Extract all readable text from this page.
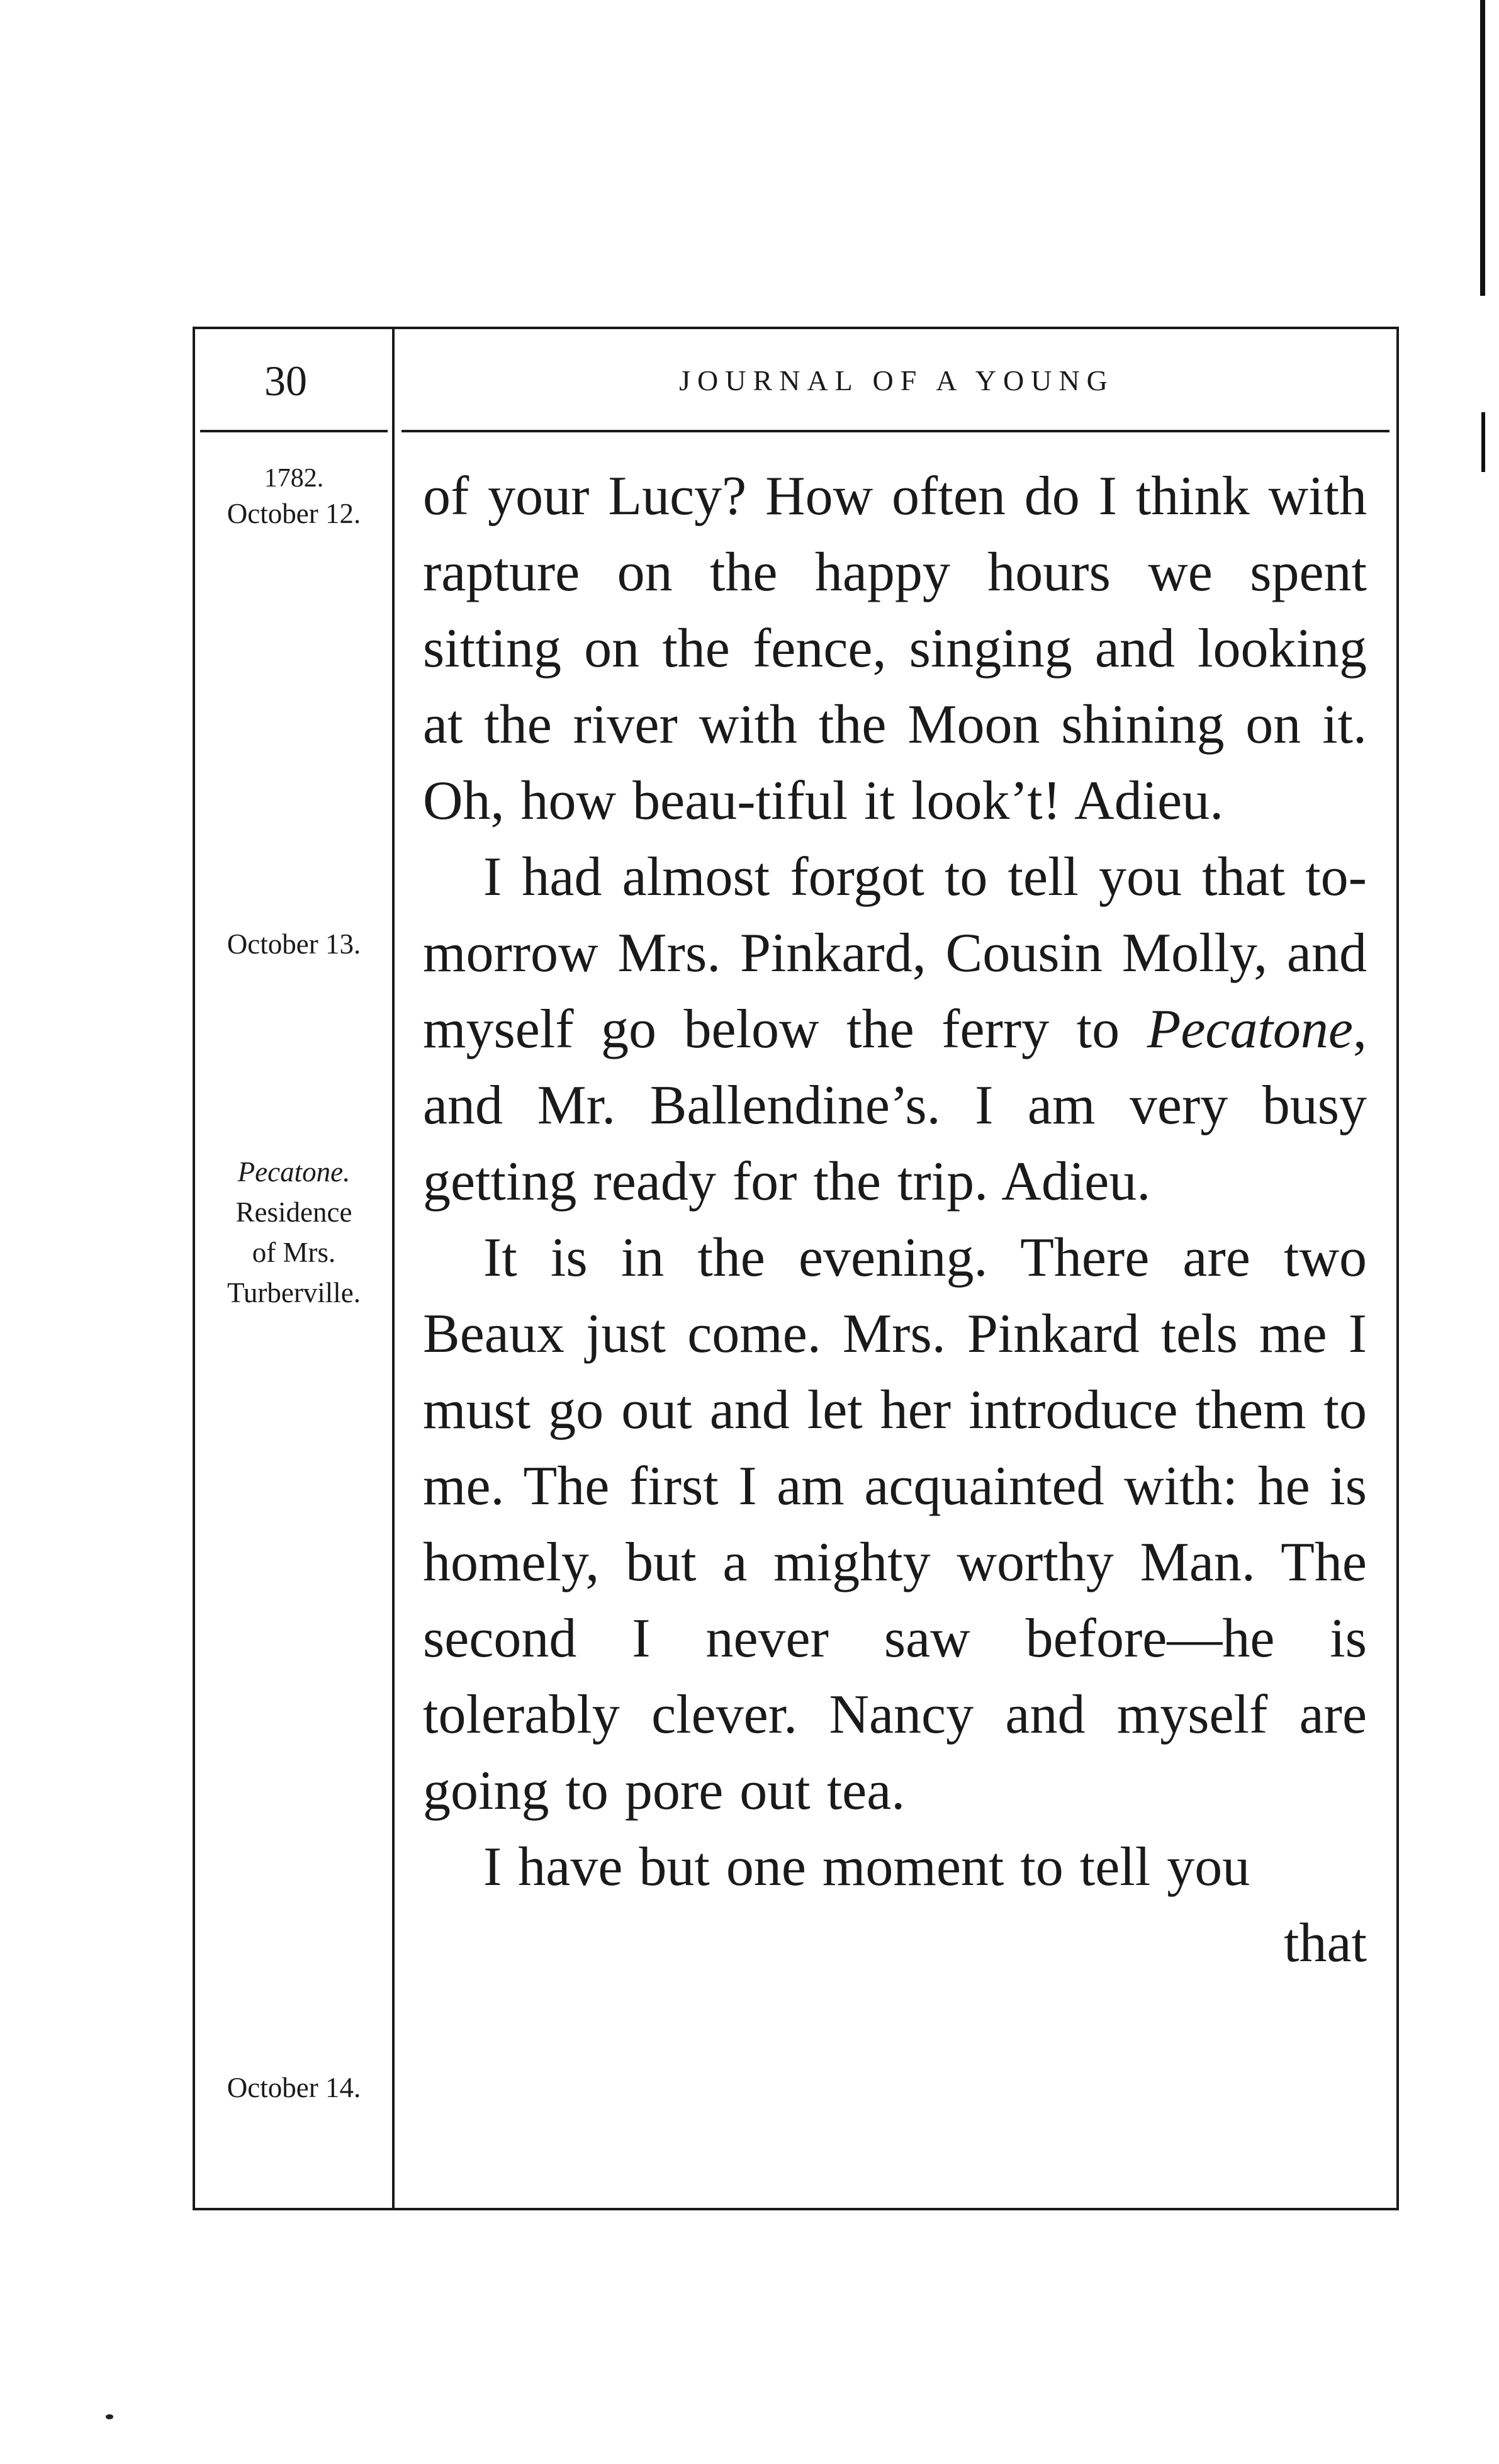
30	JOURNAL OF A YOUNG
1782.
October 12.
October 13.
Pecatone.
Residence
of Mrs.
Turberville.
October 14.

of your Lucy? How often do I think with rapture on the happy hours we spent sitting on the fence, singing and looking at the river with the Moon shining on it. Oh, how beau-tiful it look’t! Adieu.

I had almost forgot to tell you that to-morrow Mrs. Pinkard, Cousin Molly, and myself go below the ferry to Pecatone, and Mr. Ballendine’s. I am very busy getting ready for the trip. Adieu.

It is in the evening. There are two Beaux just come. Mrs. Pinkard tels me I must go out and let her introduce them to me. The first I am acquainted with: he is homely, but a mighty worthy Man. The second I never saw before—he is tolerably clever. Nancy and myself are going to pore out tea.

I have but one moment to tell you

that
